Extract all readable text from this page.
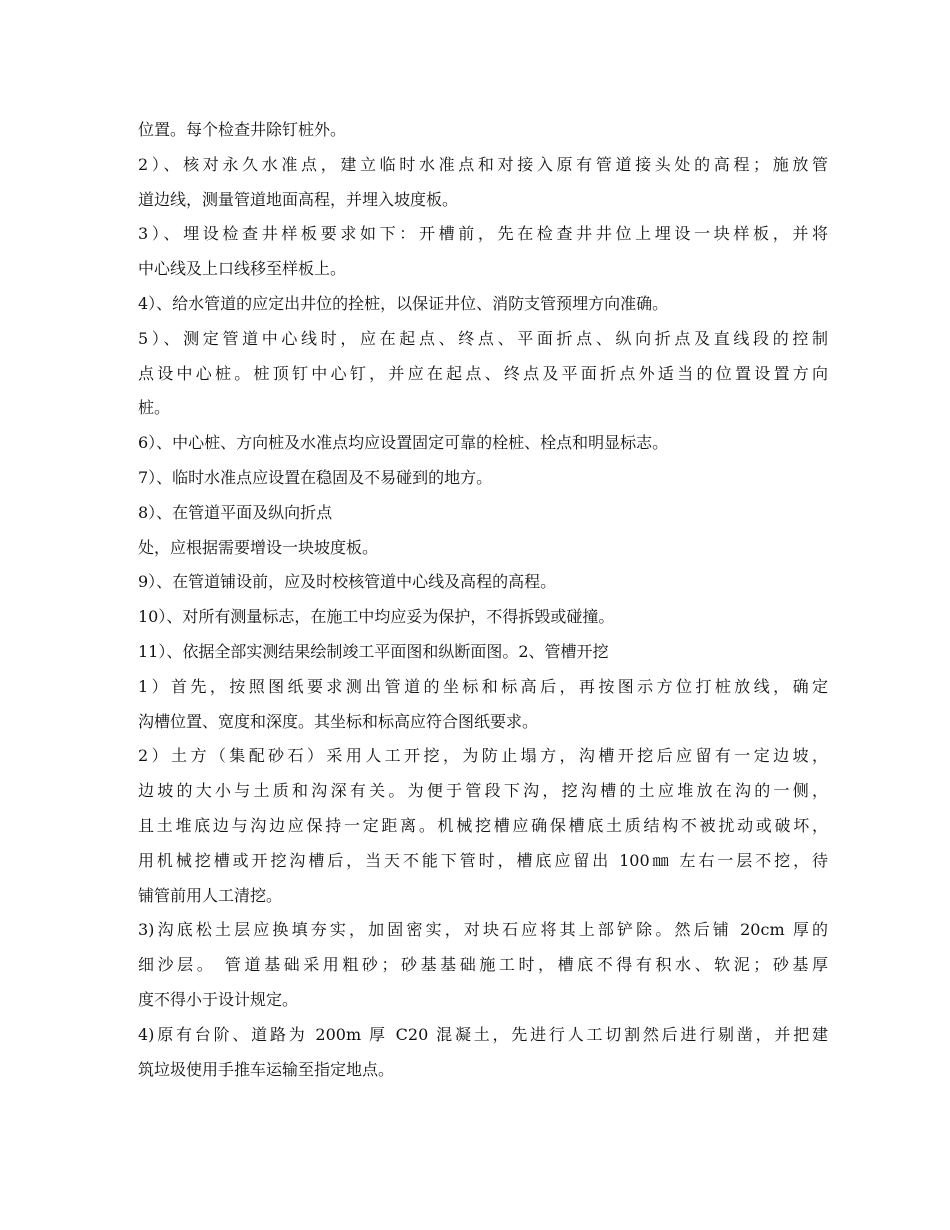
位置。每个检查井除钉桩外。
2）、核对永久水准点，建立临时水准点和对接入原有管道接头处的高程；施放管
道边线，测量管道地面高程，并埋入坡度板。
3）、埋设检查井样板要求如下：开槽前，先在检查井井位上埋设一块样板，并将
中心线及上口线移至样板上。
4）、给水管道的应定出井位的拴桩，以保证井位、消防支管预埋方向准确。
5）、测定管道中心线时，应在起点、终点、平面折点、纵向折点及直线段的控制
点设中心桩。桩顶钉中心钉，并应在起点、终点及平面折点外适当的位置设置方向
桩。
6）、中心桩、方向桩及水准点均应设置固定可靠的栓桩、栓点和明显标志。
7）、临时水准点应设置在稳固及不易碰到的地方。
8）、在管道平面及纵向折点
处，应根据需要增设一块坡度板。
9）、在管道铺设前，应及时校核管道中心线及高程的高程。
10）、对所有测量标志，在施工中均应妥为保护，不得拆毁或碰撞。
11）、依据全部实测结果绘制竣工平面图和纵断面图。2、管槽开挖
1）首先，按照图纸要求测出管道的坐标和标高后，再按图示方位打桩放线，确定
沟槽位置、宽度和深度。其坐标和标高应符合图纸要求。
2）土方（集配砂石）采用人工开挖，为防止塌方，沟槽开挖后应留有一定边坡，
边坡的大小与土质和沟深有关。为便于管段下沟，挖沟槽的土应堆放在沟的一侧，
且土堆底边与沟边应保持一定距离。机械挖槽应确保槽底土质结构不被扰动或破坏，
用机械挖槽或开挖沟槽后，当天不能下管时，槽底应留出 100㎜ 左右一层不挖，待
铺管前用人工清挖。
3)沟底松土层应换填夯实，加固密实，对块石应将其上部铲除。然后铺 20cm 厚的
细沙层。 管道基础采用粗砂；砂基基础施工时，槽底不得有积水、软泥；砂基厚
度不得小于设计规定。
4)原有台阶、道路为 200m 厚 C20 混凝土，先进行人工切割然后进行剔凿，并把建
筑垃圾使用手推车运输至指定地点。
